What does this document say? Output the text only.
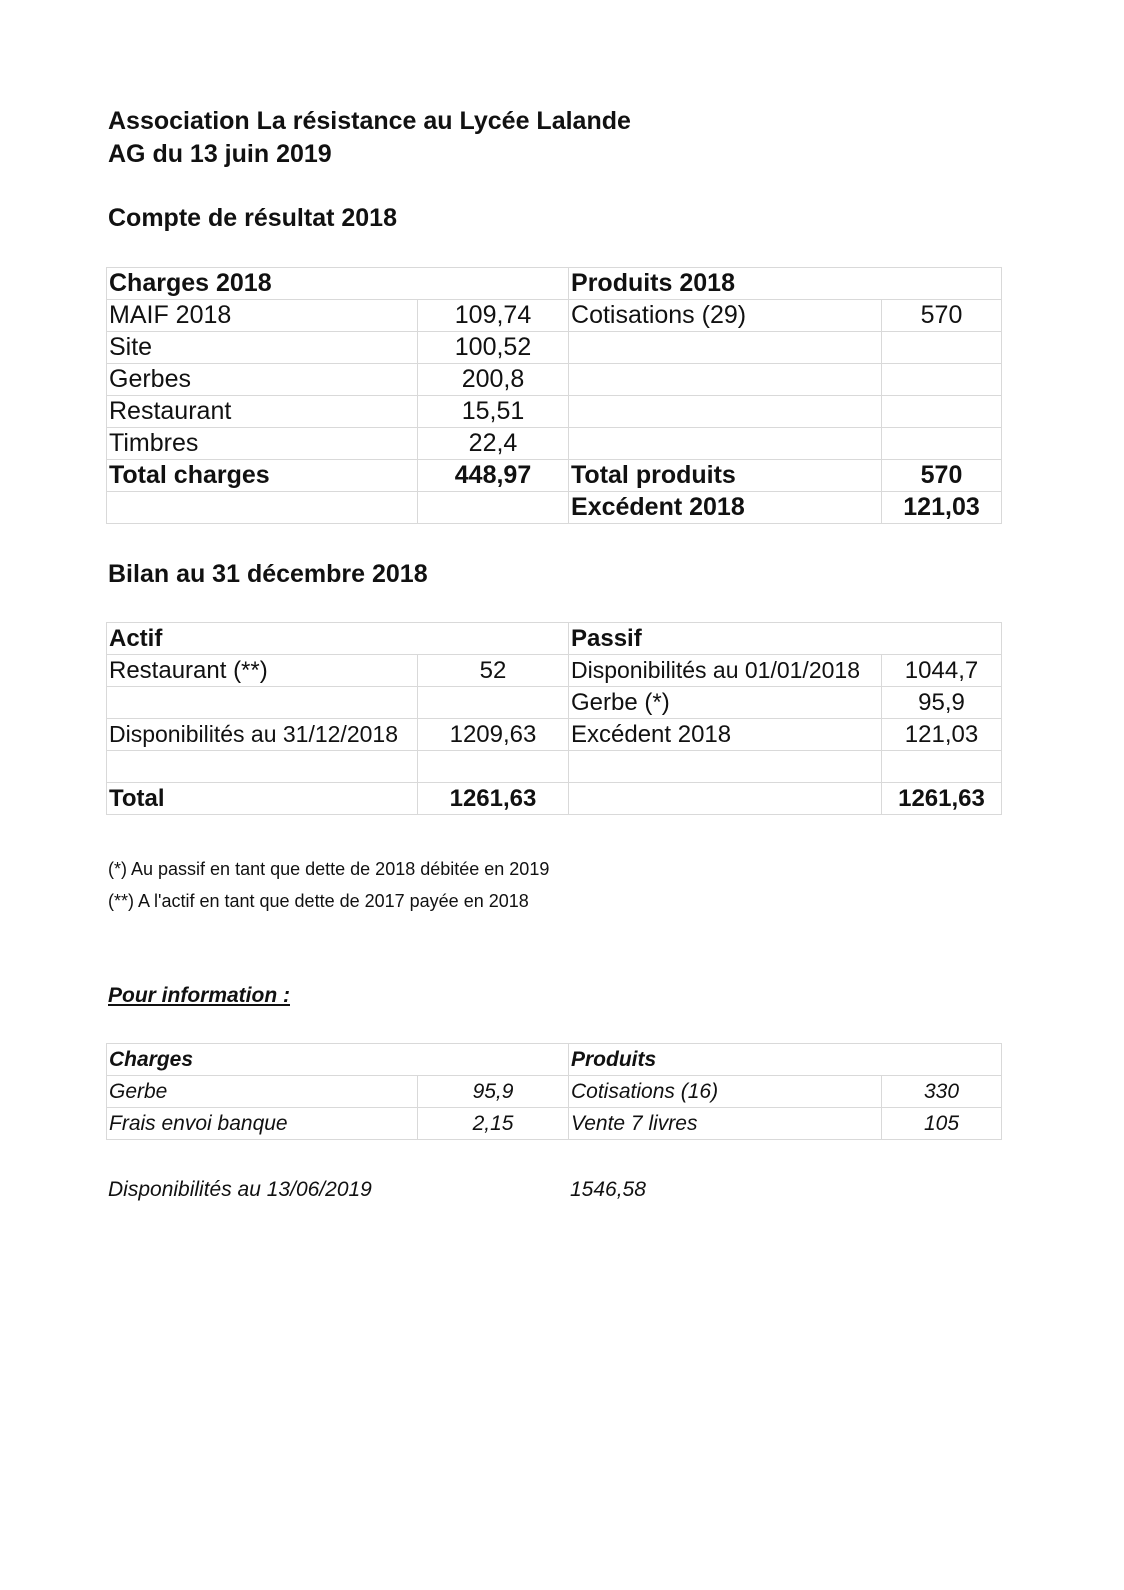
Association La résistance au Lycée Lalande
AG du 13 juin 2019
Compte de résultat 2018
Charges 2018		Produits 2018	
MAIF 2018	109,74	Cotisations (29)	570
Site	100,52		
Gerbes	200,8		
Restaurant	15,51		
Timbres	22,4		
Total charges	448,97	Total produits	570
		Excédent 2018	121,03
Bilan au 31 décembre 2018
Actif		Passif	
Restaurant (**)	52	Disponibilités au 01/01/2018	1044,7
		Gerbe (*)	95,9
Disponibilités au 31/12/2018	1209,63	Excédent 2018	121,03

Total	1261,63		1261,63
(*) Au passif en tant que dette de 2018 débitée en 2019
(**) A l'actif en tant que dette de 2017 payée en 2018
Pour information :
Charges		Produits	
Gerbe	95,9	Cotisations (16)	330
Frais envoi banque	2,15	Vente 7 livres	105
Disponibilités au 13/06/2019	1546,58
